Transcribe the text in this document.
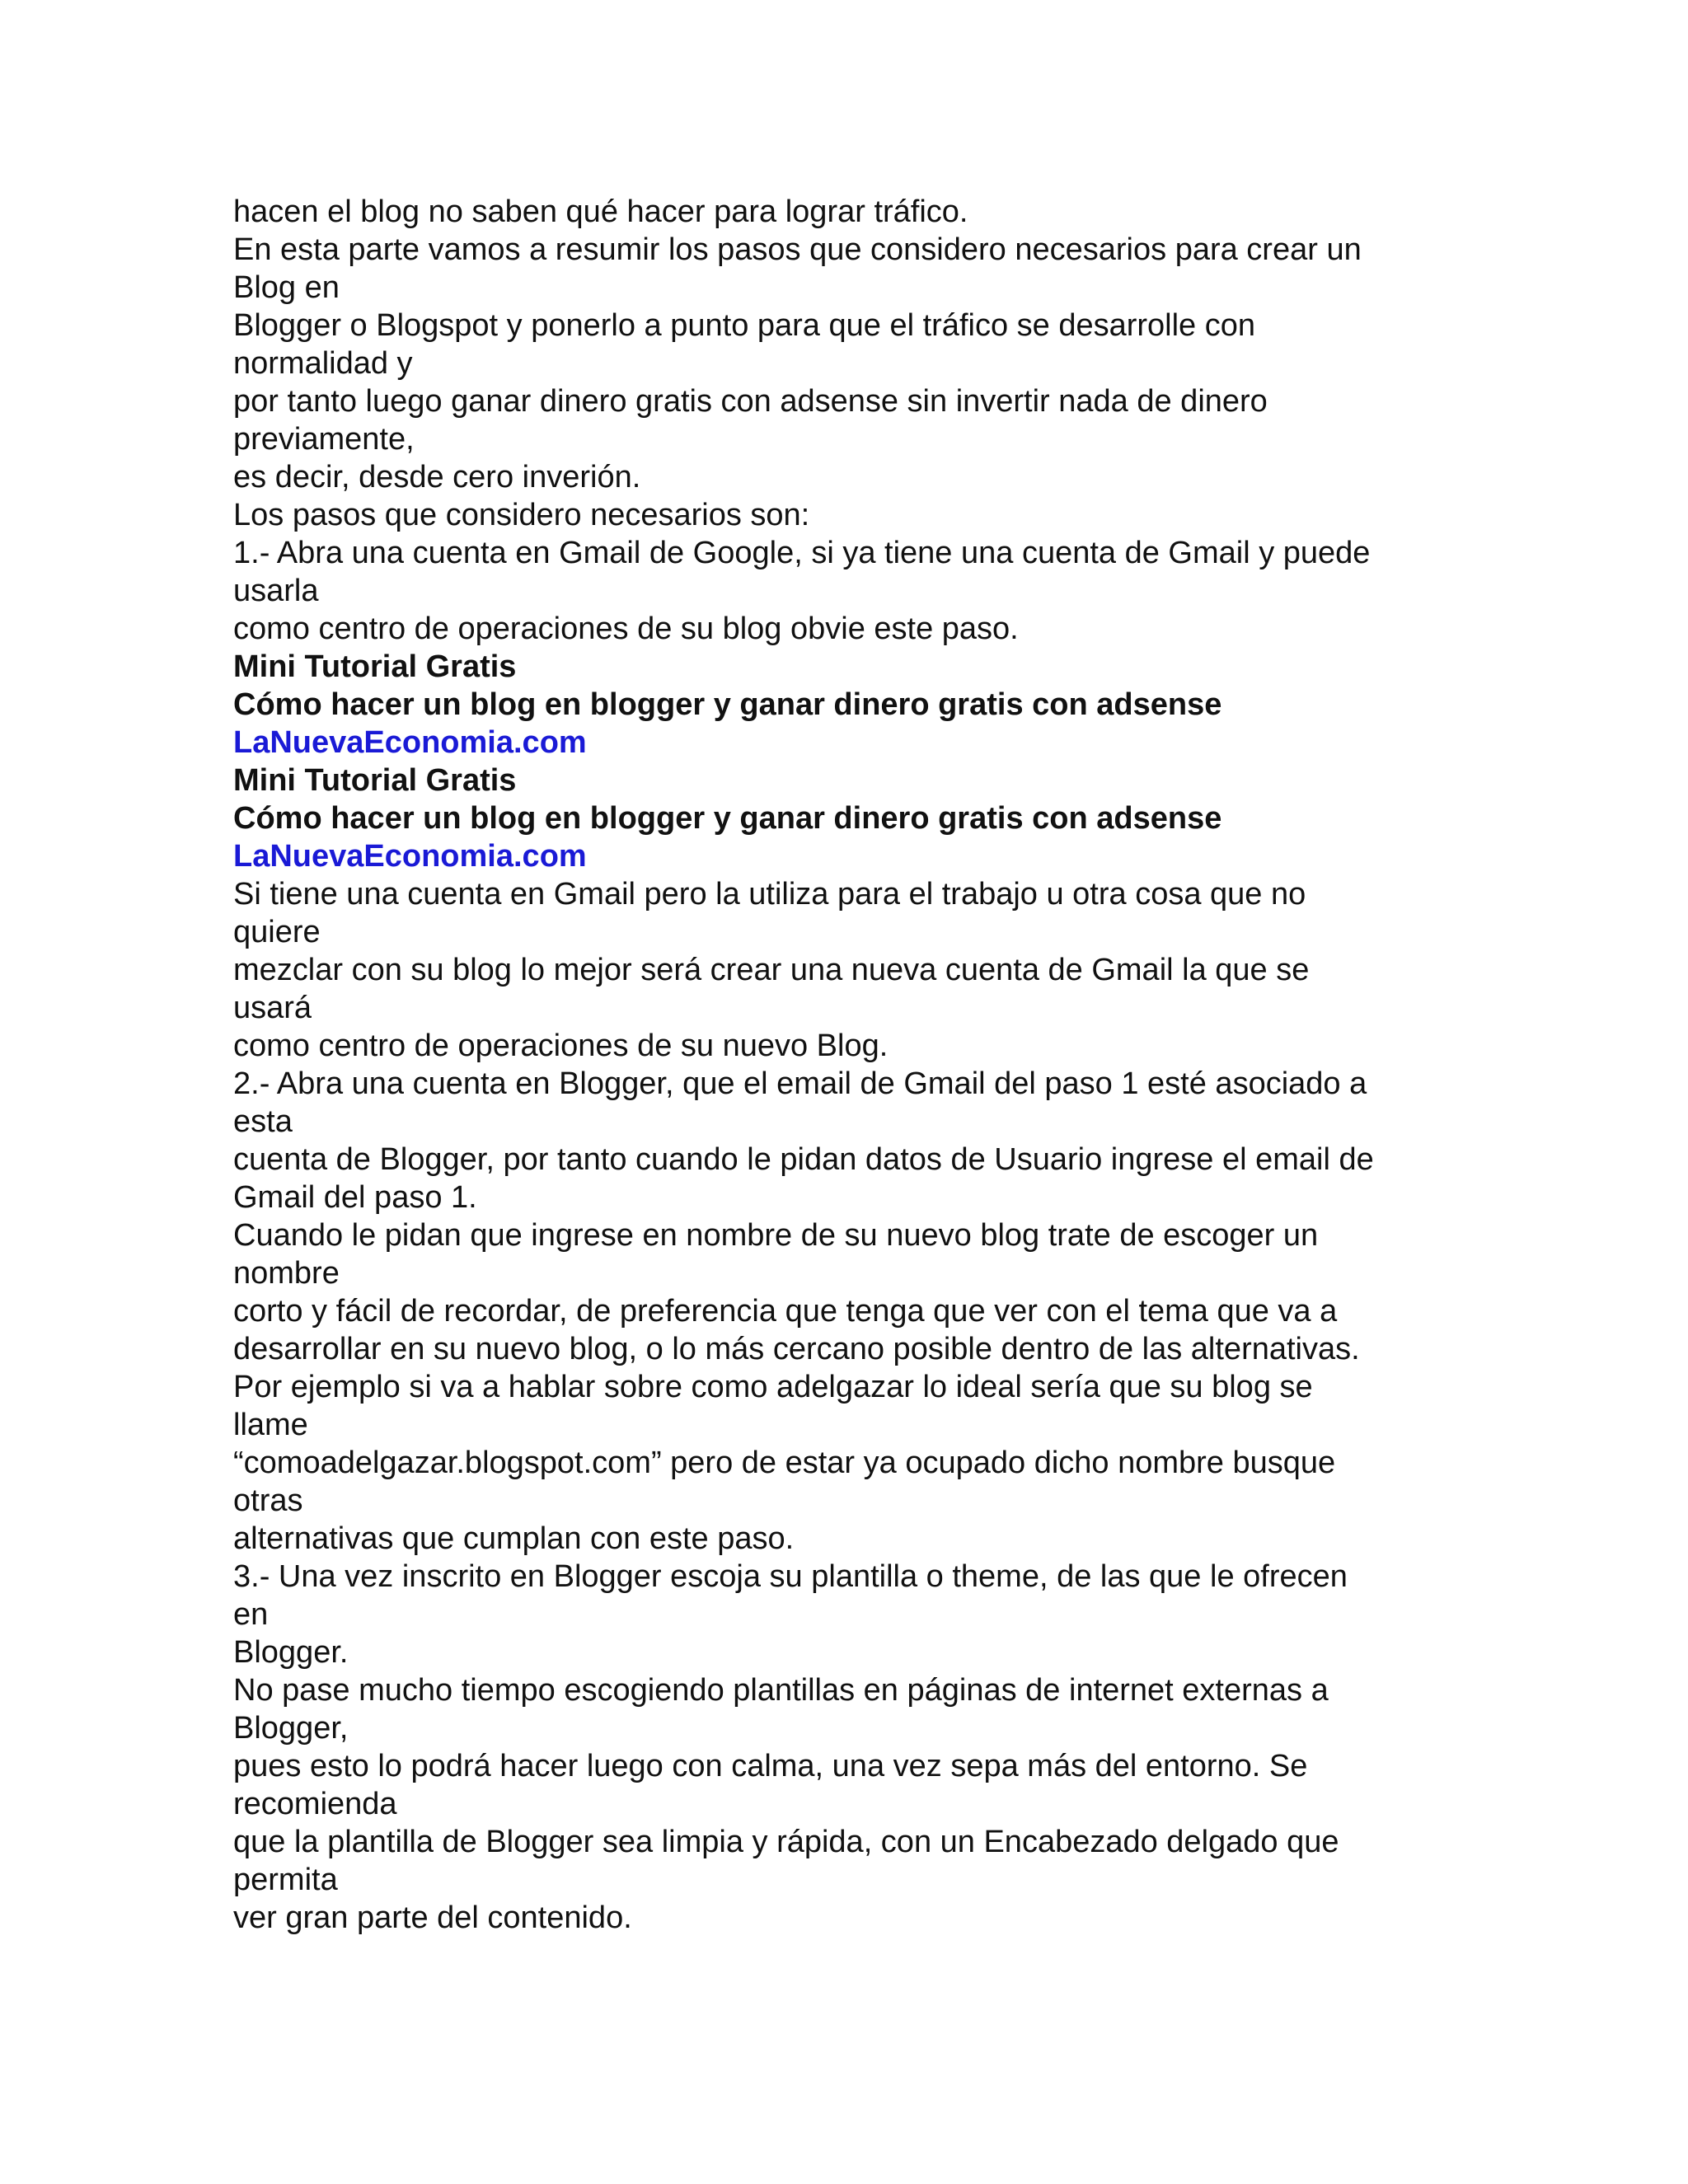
hacen el blog no saben qué hacer para lograr tráfico.
En esta parte vamos a resumir los pasos que considero necesarios para crear un
Blog en
Blogger o Blogspot y ponerlo a punto para que el tráfico se desarrolle con
normalidad y
por tanto luego ganar dinero gratis con adsense sin invertir nada de dinero
previamente,
es decir, desde cero inverión.
Los pasos que considero necesarios son:
1.- Abra una cuenta en Gmail de Google, si ya tiene una cuenta de Gmail y puede
usarla
como centro de operaciones de su blog obvie este paso.
Mini Tutorial Gratis
Cómo hacer un blog en blogger y ganar dinero gratis con adsense
LaNuevaEconomia.com
Mini Tutorial Gratis
Cómo hacer un blog en blogger y ganar dinero gratis con adsense
LaNuevaEconomia.com
Si tiene una cuenta en Gmail pero la utiliza para el trabajo u otra cosa que no
quiere
mezclar con su blog lo mejor será crear una nueva cuenta de Gmail la que se
usará
como centro de operaciones de su nuevo Blog.
2.- Abra una cuenta en Blogger, que el email de Gmail del paso 1 esté asociado a
esta
cuenta de Blogger, por tanto cuando le pidan datos de Usuario ingrese el email de
Gmail del paso 1.
Cuando le pidan que ingrese en nombre de su nuevo blog trate de escoger un
nombre
corto y fácil de recordar, de preferencia que tenga que ver con el tema que va a
desarrollar en su nuevo blog, o lo más cercano posible dentro de las alternativas.
Por ejemplo si va a hablar sobre como adelgazar lo ideal sería que su blog se
llame
“comoadelgazar.blogspot.com” pero de estar ya ocupado dicho nombre busque
otras
alternativas que cumplan con este paso.
3.- Una vez inscrito en Blogger escoja su plantilla o theme, de las que le ofrecen
en
Blogger.
No pase mucho tiempo escogiendo plantillas en páginas de internet externas a
Blogger,
pues esto lo podrá hacer luego con calma, una vez sepa más del entorno. Se
recomienda
que la plantilla de Blogger sea limpia y rápida, con un Encabezado delgado que
permita
ver gran parte del contenido.
